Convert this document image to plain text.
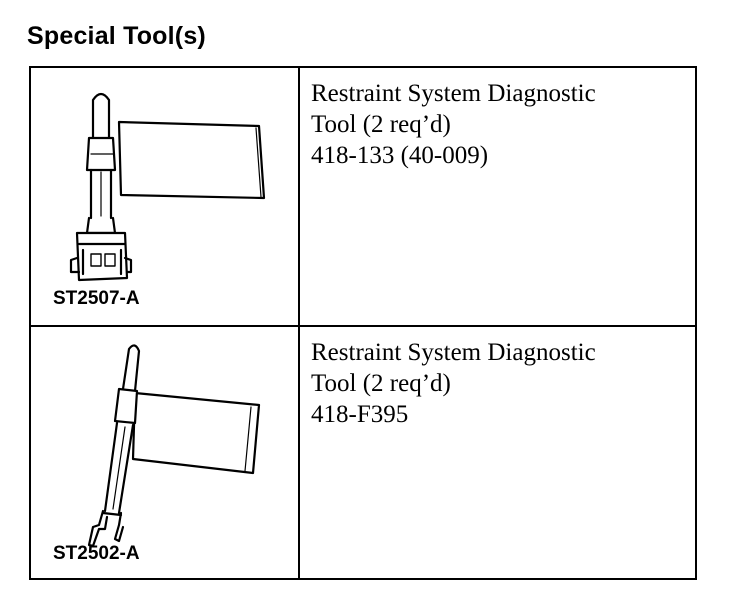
Special Tool(s)
ST2507-A
Restraint System Diagnostic
Tool (2 req’d)
418-133 (40-009)
ST2502-A
Restraint System Diagnostic
Tool (2 req’d)
418-F395
